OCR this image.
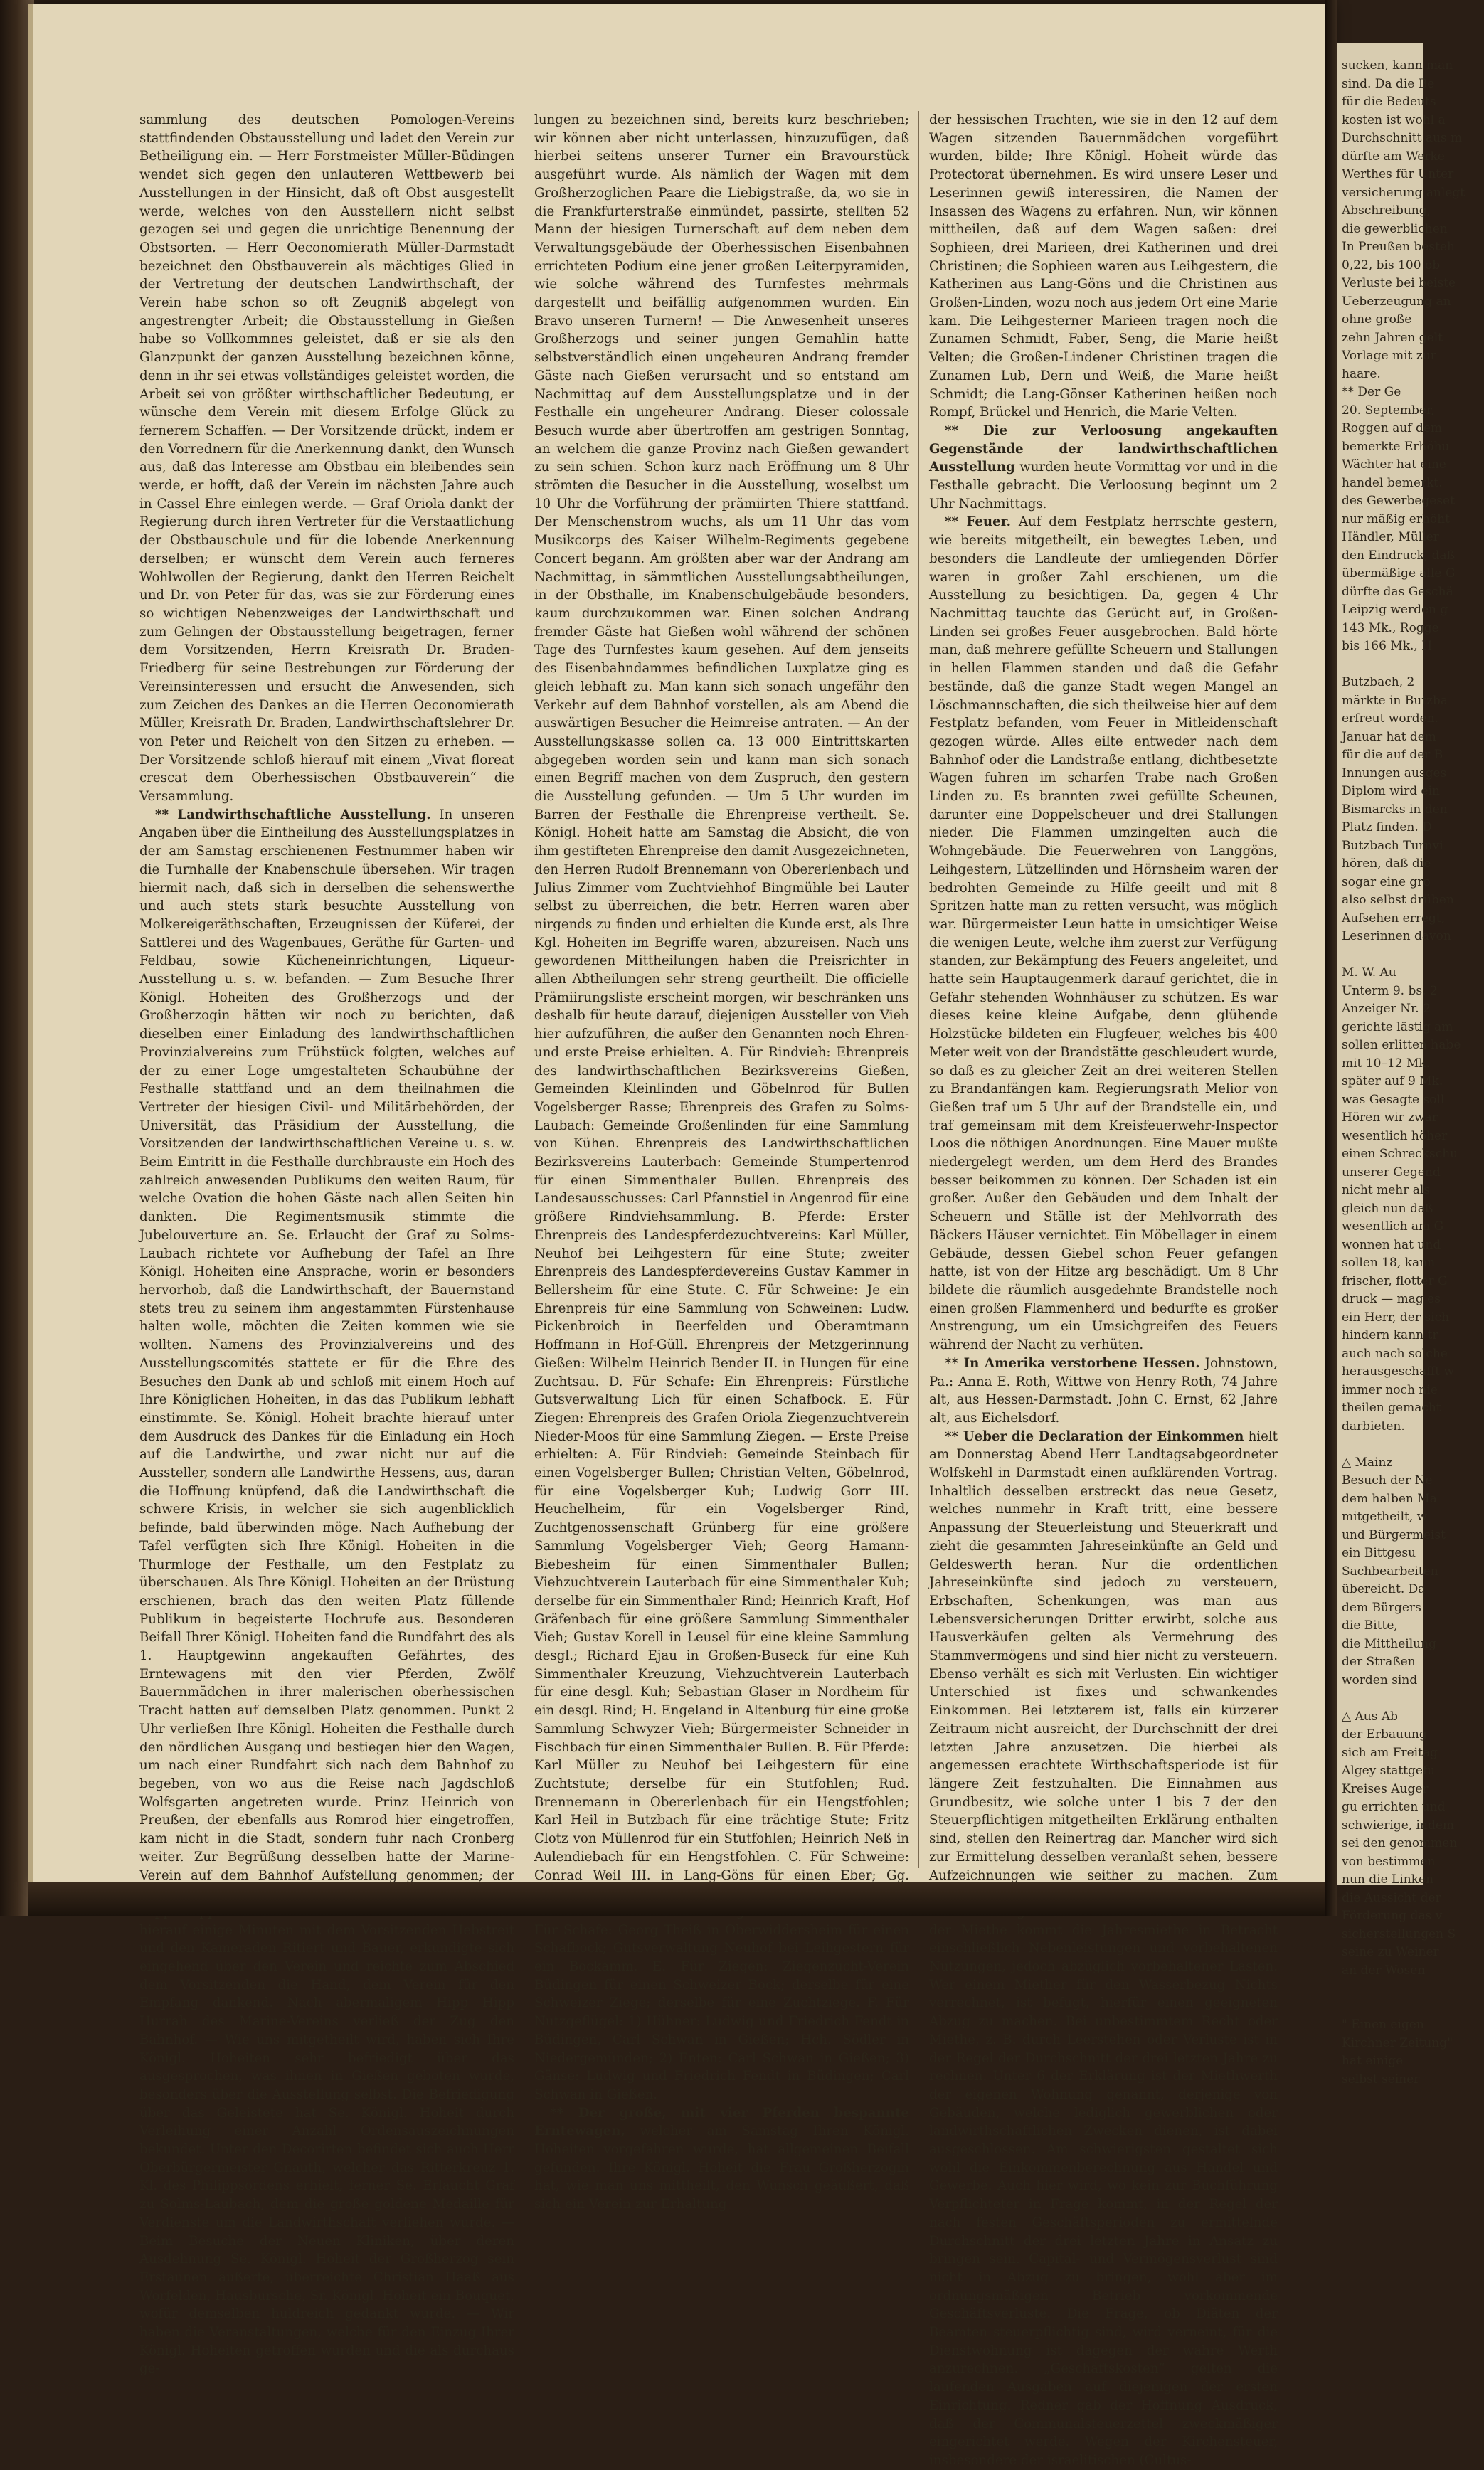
sammlung des deutschen Pomologen-Vereins stattfindenden Obstausstellung und ladet den Verein zur Betheiligung ein. — Herr Forstmeister Müller-Büdingen wendet sich gegen den unlauteren Wettbewerb bei Ausstellungen in der Hinsicht, daß oft Obst ausgestellt werde, welches von den Ausstellern nicht selbst gezogen sei und gegen die unrichtige Benennung der Obstsorten. — Herr Oeconomierath Müller-Darmstadt bezeichnet den Obstbauverein als mächtiges Glied in der Vertretung der deutschen Landwirthschaft, der Verein habe schon so oft Zeugniß abgelegt von angestrengter Arbeit; die Obstausstellung in Gießen habe so Vollkommnes geleistet, daß er sie als den Glanzpunkt der ganzen Ausstellung bezeichnen könne, denn in ihr sei etwas vollständiges geleistet worden, die Arbeit sei von größter wirthschaftlicher Bedeutung, er wünsche dem Verein mit diesem Erfolge Glück zu fernerem Schaffen. — Der Vorsitzende drückt, indem er den Vorrednern für die Anerkennung dankt, den Wunsch aus, daß das Interesse am Obstbau ein bleibendes sein werde, er hofft, daß der Verein im nächsten Jahre auch in Cassel Ehre einlegen werde. — Graf Oriola dankt der Regierung durch ihren Vertreter für die Verstaatlichung der Obstbauschule und für die lobende Anerkennung derselben; er wünscht dem Verein auch ferneres Wohlwollen der Regierung, dankt den Herren Reichelt und Dr. von Peter für das, was sie zur Förderung eines so wichtigen Nebenzweiges der Landwirthschaft und zum Gelingen der Obstausstellung beigetragen, ferner dem Vorsitzenden, Herrn Kreisrath Dr. Braden-Friedberg für seine Bestrebungen zur Förderung der Vereinsinteressen und ersucht die Anwesenden, sich zum Zeichen des Dankes an die Herren Oeconomierath Müller, Kreisrath Dr. Braden, Landwirthschaftslehrer Dr. von Peter und Reichelt von den Sitzen zu erheben. — Der Vorsitzende schloß hierauf mit einem „Vivat floreat crescat dem Oberhessischen Obstbauverein“ die Versammlung.

** Landwirthschaftliche Ausstellung. In unseren Angaben über die Eintheilung des Ausstellungsplatzes in der am Samstag erschienenen Festnummer haben wir die Turnhalle der Knabenschule übersehen. Wir tragen hiermit nach, daß sich in derselben die sehenswerthe und auch stets stark besuchte Ausstellung von Molkereigeräthschaften, Erzeugnissen der Küferei, der Sattlerei und des Wagenbaues, Geräthe für Garten- und Feldbau, sowie Kücheneinrichtungen, Liqueur-Ausstellung u. s. w. befanden. — Zum Besuche Ihrer Königl. Hoheiten des Großherzogs und der Großherzogin hätten wir noch zu berichten, daß dieselben einer Einladung des landwirthschaftlichen Provinzialvereins zum Frühstück folgten, welches auf der zu einer Loge umgestalteten Schaubühne der Festhalle stattfand und an dem theilnahmen die Vertreter der hiesigen Civil- und Militärbehörden, der Universität, das Präsidium der Ausstellung, die Vorsitzenden der landwirthschaftlichen Vereine u. s. w. Beim Eintritt in die Festhalle durchbrauste ein Hoch des zahlreich anwesenden Publikums den weiten Raum, für welche Ovation die hohen Gäste nach allen Seiten hin dankten. Die Regimentsmusik stimmte die Jubelouverture an. Se. Erlaucht der Graf zu Solms-Laubach richtete vor Aufhebung der Tafel an Ihre Königl. Hoheiten eine Ansprache, worin er besonders hervorhob, daß die Landwirthschaft, der Bauernstand stets treu zu seinem ihm angestammten Fürstenhause halten wolle, möchten die Zeiten kommen wie sie wollten. Namens des Provinzialvereins und des Ausstellungscomités stattete er für die Ehre des Besuches den Dank ab und schloß mit einem Hoch auf Ihre Königlichen Hoheiten, in das das Publikum lebhaft einstimmte. Se. Königl. Hoheit brachte hierauf unter dem Ausdruck des Dankes für die Einladung ein Hoch auf die Landwirthe, und zwar nicht nur auf die Aussteller, sondern alle Landwirthe Hessens, aus, daran die Hoffnung knüpfend, daß die Landwirthschaft die schwere Krisis, in welcher sie sich augenblicklich befinde, bald überwinden möge. Nach Aufhebung der Tafel verfügten sich Ihre Königl. Hoheiten in die Thurmloge der Festhalle, um den Festplatz zu überschauen. Als Ihre Königl. Hoheiten an der Brüstung erschienen, brach das den weiten Platz füllende Publikum in begeisterte Hochrufe aus. Besonderen Beifall Ihrer Königl. Hoheiten fand die Rundfahrt des als 1. Hauptgewinn angekauften Gefährtes, des Erntewagens mit den vier Pferden, Zwölf Bauernmädchen in ihrer malerischen oberhessischen Tracht hatten auf demselben Platz genommen. Punkt 2 Uhr verließen Ihre Königl. Hoheiten die Festhalle durch den nördlichen Ausgang und bestiegen hier den Wagen, um nach einer Rundfahrt sich nach dem Bahnhof zu begeben, von wo aus die Reise nach Jagdschloß Wolfsgarten angetreten wurde. Prinz Heinrich von Preußen, der ebenfalls aus Romrod hier eingetroffen, kam nicht in die Stadt, sondern fuhr nach Cronberg weiter. Zur Begrüßung desselben hatte der Marine-Verein auf dem Bahnhof Aufstellung genommen; der hierauf einige Minuten mit dem Vorsitzenden Hebstreit und den Kameraden Ritiert und Bauer, erkundigte sich eingehend über den Verein und reichte zum Abschied dem Vorsitzenden die Hand, dem Verein für den Empfang dankend. Nach abermaligem Hipp Hipp Hurrah des Marine-Vereins verließ der Zug den Bahnhof. — Wie uns mitgetheilt wird, haben sich Ihre Königl. Hoheiten sehr befriedigt über das ausgesprochen, was ihnen in Gießen geboten wurde, besonders über die Ausstellung selbst. Die Befriedigung über das Geleistete hat Se. Königl. Hoheit durch Verleihung einer Anzahl Ordensauszeichnungen bekundet. Unter den Decorirten befindet sich auch Herr Oberbürgermeister Gnauth, welcher das Ritterkreuz 1. Kl. des Philippsordens erhielt, ferner Se. Erlaucht Graf zu Solms-Laubach, dem die große goldene Medaille für Verdienste um die Landwirthschaft verliehen wurde. — Beim Besuche der Neuen Kliniken, über deren Ausdehnung Se. Königl. Hoheit der Großherzog sein Erstaunen äußerte, überreichte Christian Haaß aus Worfelden, Hausbursche, Sr. Königl. Hoheit ein Bouquet, wofür demselben huldreich gedankt wurde. — Wir haben die Veranstaltungen, welche für den Einzug Ihrer Königl. Hoheiten getroffen wurden und die als durchaus ge-

lungen zu bezeichnen sind, bereits kurz beschrieben; wir können aber nicht unterlassen, hinzuzufügen, daß hierbei seitens unserer Turner ein Bravourstück ausgeführt wurde. Als nämlich der Wagen mit dem Großherzoglichen Paare die Liebigstraße, da, wo sie in die Frankfurterstraße einmündet, passirte, stellten 52 Mann der hiesigen Turnerschaft auf dem neben dem Verwaltungsgebäude der Oberhessischen Eisenbahnen errichteten Podium eine jener großen Leiterpyramiden, wie solche während des Turnfestes mehrmals dargestellt und beifällig aufgenommen wurden. Ein Bravo unseren Turnern! — Die Anwesenheit unseres Großherzogs und seiner jungen Gemahlin hatte selbstverständlich einen ungeheuren Andrang fremder Gäste nach Gießen verursacht und so entstand am Nachmittag auf dem Ausstellungsplatze und in der Festhalle ein ungeheurer Andrang. Dieser colossale Besuch wurde aber übertroffen am gestrigen Sonntag, an welchem die ganze Provinz nach Gießen gewandert zu sein schien. Schon kurz nach Eröffnung um 8 Uhr strömten die Besucher in die Ausstellung, woselbst um 10 Uhr die Vorführung der prämiirten Thiere stattfand. Der Menschenstrom wuchs, als um 11 Uhr das vom Musikcorps des Kaiser Wilhelm-Regiments gegebene Concert begann. Am größten aber war der Andrang am Nachmittag, in sämmtlichen Ausstellungsabtheilungen, in der Obsthalle, im Knabenschulgebäude besonders, kaum durchzukommen war. Einen solchen Andrang fremder Gäste hat Gießen wohl während der schönen Tage des Turnfestes kaum gesehen. Auf dem jenseits des Eisenbahndammes befindlichen Luxplatze ging es gleich lebhaft zu. Man kann sich sonach ungefähr den Verkehr auf dem Bahnhof vorstellen, als am Abend die auswärtigen Besucher die Heimreise antraten. — An der Ausstellungskasse sollen ca. 13 000 Eintrittskarten abgegeben worden sein und kann man sich sonach einen Begriff machen von dem Zuspruch, den gestern die Ausstellung gefunden. — Um 5 Uhr wurden im Barren der Festhalle die Ehrenpreise vertheilt. Se. Königl. Hoheit hatte am Samstag die Absicht, die von ihm gestifteten Ehrenpreise den damit Ausgezeichneten, den Herren Rudolf Brennemann von Obererlenbach und Julius Zimmer vom Zuchtviehhof Bingmühle bei Lauter selbst zu überreichen, die betr. Herren waren aber nirgends zu finden und erhielten die Kunde erst, als Ihre Kgl. Hoheiten im Begriffe waren, abzureisen. Nach uns gewordenen Mittheilungen haben die Preisrichter in allen Abtheilungen sehr streng geurtheilt. Die officielle Prämiirungsliste erscheint morgen, wir beschränken uns deshalb für heute darauf, diejenigen Aussteller von Vieh hier aufzuführen, die außer den Genannten noch Ehren- und erste Preise erhielten. A. Für Rindvieh: Ehrenpreis des landwirthschaftlichen Bezirksvereins Gießen, Gemeinden Kleinlinden und Göbelnrod für Bullen Vogelsberger Rasse; Ehrenpreis des Grafen zu Solms-Laubach: Gemeinde Großenlinden für eine Sammlung von Kühen. Ehrenpreis des Landwirthschaftlichen Bezirksvereins Lauterbach: Gemeinde Stumpertenrod für einen Simmenthaler Bullen. Ehrenpreis des Landesausschusses: Carl Pfannstiel in Angenrod für eine größere Rindviehsammlung. B. Pferde: Erster Ehrenpreis des Landespferdezuchtvereins: Karl Müller, Neuhof bei Leihgestern für eine Stute; zweiter Ehrenpreis des Landespferdevereins Gustav Kammer in Bellersheim für eine Stute. C. Für Schweine: Je ein Ehrenpreis für eine Sammlung von Schweinen: Ludw. Pickenbroich in Beerfelden und Oberamtmann Hoffmann in Hof-Güll. Ehrenpreis der Metzgerinnung Gießen: Wilhelm Heinrich Bender II. in Hungen für eine Zuchtsau. D. Für Schafe: Ein Ehrenpreis: Fürstliche Gutsverwaltung Lich für einen Schafbock. E. Für Ziegen: Ehrenpreis des Grafen Oriola Ziegenzuchtverein Nieder-Moos für eine Sammlung Ziegen. — Erste Preise erhielten: A. Für Rindvieh: Gemeinde Steinbach für einen Vogelsberger Bullen; Christian Velten, Göbelnrod, für eine Vogelsberger Kuh; Ludwig Gorr III. Heuchelheim, für ein Vogelsberger Rind, Zuchtgenossenschaft Grünberg für eine größere Sammlung Vogelsberger Vieh; Georg Hamann-Biebesheim für einen Simmenthaler Bullen; Viehzuchtverein Lauterbach für eine Simmenthaler Kuh; derselbe für ein Simmenthaler Rind; Heinrich Kraft, Hof Gräfenbach für eine größere Sammlung Simmenthaler Vieh; Gustav Korell in Leusel für eine kleine Sammlung desgl.; Richard Ejau in Großen-Buseck für eine Kuh Simmenthaler Kreuzung, Viehzuchtverein Lauterbach für eine desgl. Kuh; Sebastian Glaser in Nordheim für ein desgl. Rind; H. Engeland in Altenburg für eine große Sammlung Schwyzer Vieh; Bürgermeister Schneider in Fischbach für einen Simmenthaler Bullen. B. Für Pferde: Karl Müller zu Neuhof bei Leihgestern für eine Zuchtstute; derselbe für ein Stutfohlen; Rud. Brennemann in Obererlenbach für ein Hengstfohlen; Karl Heil in Butzbach für eine trächtige Stute; Fritz Clotz von Müllenrod für ein Stutfohlen; Heinrich Neß in Aulendiebach für ein Hengstfohlen. C. Für Schweine: Conrad Weil III. in Lang-Göns für einen Eber; Gg. Für Schafe: Georg Theiß in Oberwiddersheim für einen Schafbock; Gutsverwaltung Neuhof bei Leihgestern für ein Bockamm. E. Für Ziegen: Ziegenzucht-Verein Büdingen für einen Schweizer Bock; derselbe für eine Schweizer Ziege; derselbe für eine Zuchtziege. F. Für Nutzgeflügel: 1) Hühner: Ludwig und Friedrich Fendt in Büdingen, Carl Schwan in Gießen; Hch. Södler in Niedergemünden; 2) Enten: Carl Schwan in Gießen; 3) Gänse: Ludwig und Friedrich Fendt in Büdingen; Carl Schwan in Gießen.

** Der große, mit vier Pferden bespannte Erntewagen, welcher am Samstag Ihren Königl. Hoheiten vorgefahren wurde, hat allgemeinen Beifall gefunden. Ihre Königl. Hoheit die Frau Großherzogin hat, wie man uns mittheilt, den Wunsch geäußert, daß sich ein Verein zur Erhaltung

der hessischen Trachten, wie sie in den 12 auf dem Wagen sitzenden Bauernmädchen vorgeführt wurden, bilde; Ihre Königl. Hoheit würde das Protectorat übernehmen. Es wird unsere Leser und Leserinnen gewiß interessiren, die Namen der Insassen des Wagens zu erfahren. Nun, wir können mittheilen, daß auf dem Wagen saßen: drei Sophieen, drei Marieen, drei Katherinen und drei Christinen; die Sophieen waren aus Leihgestern, die Katherinen aus Lang-Göns und die Christinen aus Großen-Linden, wozu noch aus jedem Ort eine Marie kam. Die Leihgesterner Marieen tragen noch die Zunamen Schmidt, Faber, Seng, die Marie heißt Velten; die Großen-Lindener Christinen tragen die Zunamen Lub, Dern und Weiß, die Marie heißt Schmidt; die Lang-Gönser Katherinen heißen noch Rompf, Brückel und Henrich, die Marie Velten.

** Die zur Verloosung angekauften Gegenstände der landwirthschaftlichen Ausstellung wurden heute Vormittag vor und in die Festhalle gebracht. Die Verloosung beginnt um 2 Uhr Nachmittags.

** Feuer. Auf dem Festplatz herrschte gestern, wie bereits mitgetheilt, ein bewegtes Leben, und besonders die Landleute der umliegenden Dörfer waren in großer Zahl erschienen, um die Ausstellung zu besichtigen. Da, gegen 4 Uhr Nachmittag tauchte das Gerücht auf, in Großen-Linden sei großes Feuer ausgebrochen. Bald hörte man, daß mehrere gefüllte Scheuern und Stallungen in hellen Flammen standen und daß die Gefahr bestände, daß die ganze Stadt wegen Mangel an Löschmannschaften, die sich theilweise hier auf dem Festplatz befanden, vom Feuer in Mitleidenschaft gezogen würde. Alles eilte entweder nach dem Bahnhof oder die Landstraße entlang, dichtbesetzte Wagen fuhren im scharfen Trabe nach Großen Linden zu. Es brannten zwei gefüllte Scheunen, darunter eine Doppelscheuer und drei Stallungen nieder. Die Flammen umzingelten auch die Wohngebäude. Die Feuerwehren von Langgöns, Leihgestern, Lützellinden und Hörnsheim waren der bedrohten Gemeinde zu Hilfe geeilt und mit 8 Spritzen hatte man zu retten versucht, was möglich war. Bürgermeister Leun hatte in umsichtiger Weise die wenigen Leute, welche ihm zuerst zur Verfügung standen, zur Bekämpfung des Feuers angeleitet, und hatte sein Hauptaugenmerk darauf gerichtet, die in Gefahr stehenden Wohnhäuser zu schützen. Es war dieses keine kleine Aufgabe, denn glühende Holzstücke bildeten ein Flugfeuer, welches bis 400 Meter weit von der Brandstätte geschleudert wurde, so daß es zu gleicher Zeit an drei weiteren Stellen zu Brandanfängen kam. Regierungsrath Melior von Gießen traf um 5 Uhr auf der Brandstelle ein, und traf gemeinsam mit dem Kreisfeuerwehr-Inspector Loos die nöthigen Anordnungen. Eine Mauer mußte niedergelegt werden, um dem Herd des Brandes besser beikommen zu können. Der Schaden ist ein großer. Außer den Gebäuden und dem Inhalt der Scheuern und Ställe ist der Mehlvorrath des Bäckers Häuser vernichtet. Ein Möbellager in einem Gebäude, dessen Giebel schon Feuer gefangen hatte, ist von der Hitze arg beschädigt. Um 8 Uhr bildete die räumlich ausgedehnte Brandstelle noch einen großen Flammenherd und bedurfte es großer Anstrengung, um ein Umsichgreifen des Feuers während der Nacht zu verhüten.

** In Amerika verstorbene Hessen. Johnstown, Pa.: Anna E. Roth, Wittwe von Henry Roth, 74 Jahre alt, aus Hessen-Darmstadt. John C. Ernst, 62 Jahre alt, aus Eichelsdorf.

** Ueber die Declaration der Einkommen hielt am Donnerstag Abend Herr Landtagsabgeordneter Wolfskehl in Darmstadt einen aufklärenden Vortrag. Inhaltlich desselben erstreckt das neue Gesetz, welches nunmehr in Kraft tritt, eine bessere Anpassung der Steuerleistung und Steuerkraft und zieht die gesammten Jahreseinkünfte an Geld und Geldeswerth heran. Nur die ordentlichen Jahreseinkünfte sind jedoch zu versteuern, Erbschaften, Schenkungen, was man aus Lebensversicherungen Dritter erwirbt, solche aus Hausverkäufen gelten als Vermehrung des Stammvermögens und sind hier nicht zu versteuern. Ebenso verhält es sich mit Verlusten. Ein wichtiger Unterschied ist fixes und schwankendes Einkommen. Bei letzterem ist, falls ein kürzerer Zeitraum nicht ausreicht, der Durchschnitt der drei letzten Jahre anzusetzen. Die hierbei als angemessen erachtete Wirthschaftsperiode ist für längere Zeit festzuhalten. Die Einnahmen aus Grundbesitz, wie solche unter 1 bis 7 der den Steuerpflichtigen mitgetheilten Erklärung enthalten sind, stellen den Reinertrag dar. Mancher wird sich zur Ermittelung desselben veranlaßt sehen, bessere Aufzeichnungen wie seither zu machen. Zum der Miethe kommt die Jahresmiethe in Betracht einschließlich Nebenleistungen und vorbehaltenen Nutzungen, jedoch abzüglich vorbehaltener Lasten. Wer einem Miether für den Wasserbezug Nichts verrechnet, ist befugt, hierfür einen geeigneten Abzug zu machen. Bei unbestimmtem Recht oder Miethe, z. B. durch Leerstehen oder Verluste ist in der Regel der Durchschnitt der drei letzten Jahre zu rechnen. Unter 6 der Erklärung ist der Miethwerth der eigenen Wohnung genannt, derjenige von Gebäuden, welche lediglich gewerblichen oder landwirthschaftlichen Zwecken dienen, ist dabei ausgeschlossen. Am schwierigsten gestaltet sich wohl die Einkommenberechnung aus Handel und Gewerbe. Auch hier wird, wo kein zur Buchführung Verpflichteter in Frage kommt, in der Regel der nach festen Geschäftsperioden zu ermittelnde Durchschnitt der drei letzten Jahre in Ansatz zu bringen sein. Capital- und Vermögensverlust sind nicht in Abzug zu bringen, wohl aber im ordnungsmäßigen Betrieb vorkommende Geschäftsverluste. Die Frage, ob Diäten der Beamten steuerpflichtig sind, wird verneint, für die Dienstwohnung ist dagegen der wahre Werth anzurechnen. „Geschäftskosten“ gelten die laufenden Ausgaben auf diejenigen der ersten Einrichtung. Redner gab der Hoffnung Ausdruck, daß der Communalsteuerzettel zweckmäßiger eingerichtet werde. Wegen der Kirchensteuer, insbesondere der israelitischen (Cultus-

sucken, kann man
sind. Da die Be
für die Bedeuts
kosten ist wohl a
Durchschnitt aus m
dürfte am Werke
Werthes für Unter
versicherung anlegt
Abschreibung,
die gewerblichen
In Preußen besteh
0,22, bis 100 ob
Verluste bei beiste
Ueberzeugung an
ohne große
zehn Jahren gelt
Vorlage mit zur
haare.
** Der Ge
20. September,
Roggen auf dem
bemerkte Erhöhu
Wächter hat eine
handel bemerkt.
des Gewerbegeset
nur mäßig erhöht
Händler, Müller
den Eindruck, daß
übermäßige alle G
dürfte das Geschä
Leipzig werden g
143 Mk., Rogge
bis 166 Mk., H

Butzbach, 2
märkte in Butzba
erfreut worden.
Januar hat dem
für die auf der B
Innungen ausges
Diplom wird ein
Bismarcks in den
Platz finden. D
Butzbach Turnvi
hören, daß die
sogar eine gro
also selbst drüben
Aufsehen erregt,
Leserinnen davon

M. W. Au
Unterm 9. bs. 2
Anzeiger Nr. 2
gerichte lästig am
sollen erlitten habe
mit 10–12 Mk.
später auf 9 Mk.
was Gesagte soll
Hören wir zwar
wesentlich höher
einen Schreckschu
unserer Gegend
nicht mehr als
gleich nun daß
wesentlich am G
wonnen hat und
sollen 18, kann
frischer, flotter G
druck — mag es
ein Herr, der sich
hindern kann tr
auch nach solche
herausgeschafft w
immer noch nie
theilen gemacht
darbieten.

△ Mainz
Besuch der Ne
dem halben Ma
mitgetheilt, w
und Bürgermeist
ein Bittgesu
Sachbearbeiten
übereicht. Da
dem Bürgers
die Bitte,
die Mittheilung
der Straßen
worden sind

△ Aus Ab
der Erbauung
sich am Freitag
Algey stattgefu
Kreises Auger
gu errichten und
schwierige, indem
sei den genommen
von bestimmen
nun die Linken
die Aussicht der
Förderung das v
sicherstellungen S
seine zu Weiner
an der Wosen

" Einen eigen
Kirchner Zeitung"
hat einige
selbst seiner
